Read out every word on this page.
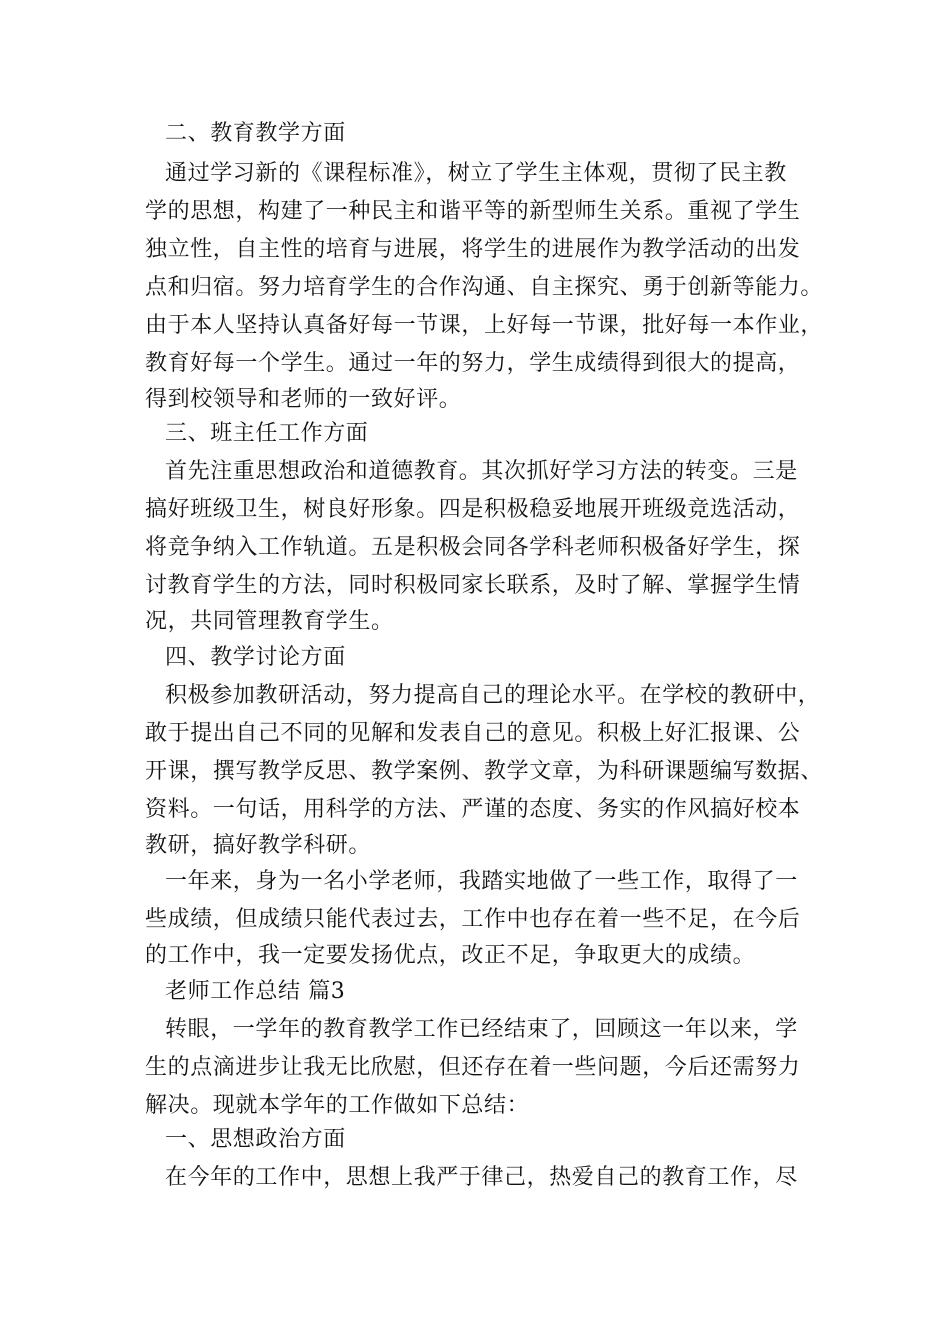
二、教育教学方面
通过学习新的《课程标准》，树立了学生主体观，贯彻了民主教
学的思想，构建了一种民主和谐平等的新型师生关系。重视了学生
独立性，自主性的培育与进展，将学生的进展作为教学活动的出发
点和归宿。努力培育学生的合作沟通、自主探究、勇于创新等能力。
由于本人坚持认真备好每一节课，上好每一节课，批好每一本作业，
教育好每一个学生。通过一年的努力，学生成绩得到很大的提高，
得到校领导和老师的一致好评。
三、班主任工作方面
首先注重思想政治和道德教育。其次抓好学习方法的转变。三是
搞好班级卫生，树良好形象。四是积极稳妥地展开班级竞选活动，
将竞争纳入工作轨道。五是积极会同各学科老师积极备好学生，探
讨教育学生的方法，同时积极同家长联系，及时了解、掌握学生情
况，共同管理教育学生。
四、教学讨论方面
积极参加教研活动，努力提高自己的理论水平。在学校的教研中，
敢于提出自己不同的见解和发表自己的意见。积极上好汇报课、公
开课，撰写教学反思、教学案例、教学文章，为科研课题编写数据、
资料。一句话，用科学的方法、严谨的态度、务实的作风搞好校本
教研，搞好教学科研。
一年来，身为一名小学老师，我踏实地做了一些工作，取得了一
些成绩，但成绩只能代表过去，工作中也存在着一些不足，在今后
的工作中，我一定要发扬优点，改正不足，争取更大的成绩。
老师工作总结 篇3
转眼，一学年的教育教学工作已经结束了，回顾这一年以来，学
生的点滴进步让我无比欣慰，但还存在着一些问题，今后还需努力
解决。现就本学年的工作做如下总结：
一、思想政治方面
在今年的工作中，思想上我严于律己，热爱自己的教育工作，尽
